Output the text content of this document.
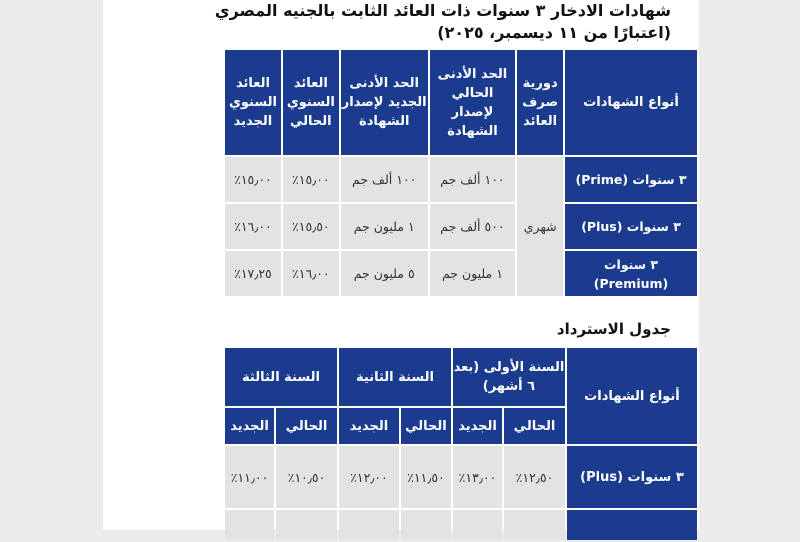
شهادات الادخار ٣ سنوات ذات العائد الثابت بالجنيه المصري
(اعتبارًا من ١١ ديسمبر، ٢٠٢٥)
أنواع الشهادات	دورية صرف العائد	الحد الأدنى الحالي لإصدار الشهادة	الحد الأدنى الجديد لإصدار الشهادة	العائد السنوي الحالي	العائد السنوي الجديد
٣ سنوات (Prime)	شهري	١٠٠ ألف جم	١٠٠ ألف جم	١٥٫٠٠٪	١٥٫٠٠٪
٣ سنوات (Plus)		٥٠٠ ألف جم	١ مليون جم	١٥٫٥٠٪	١٦٫٠٠٪
٣ سنوات (Premium)		١ مليون جم	٥ مليون جم	١٦٫٠٠٪	١٧٫٢٥٪
جدول الاسترداد
أنواع الشهادات	السنة الأولى (بعد ٦ أشهر)		السنة الثانية		السنة الثالثة	
	الحالي	الجديد	الحالي	الجديد	الحالي	الجديد
٣ سنوات (Plus)	١٢٫٥٠٪	١٣٫٠٠٪	١١٫٥٠٪	١٢٫٠٠٪	١٠٫٥٠٪	١١٫٠٠٪
